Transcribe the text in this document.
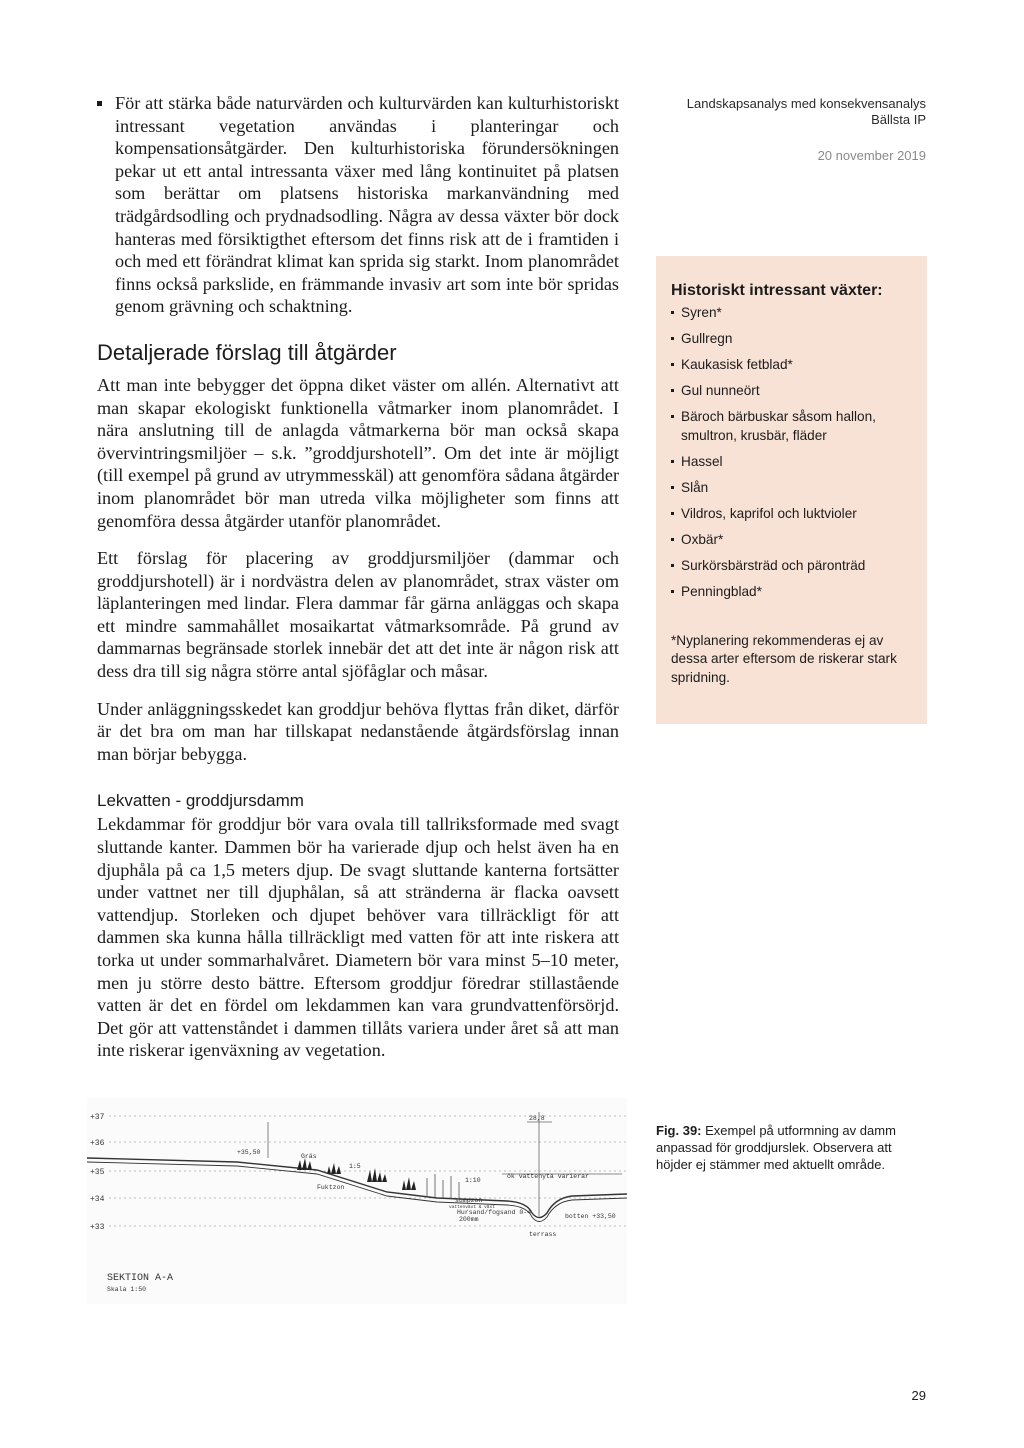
Landskapsanalys med konsekvensanalys
Bällsta IP
20 november 2019

För att stärka både naturvärden och kulturvärden kan kulturhistoriskt intressant vegetation användas i planteringar och kompensationsåtgärder. Den kulturhistoriska förundersökningen pekar ut ett antal intressanta växer med lång kontinuitet på platsen som berättar om platsens historiska markanvändning med trädgårdsodling och prydnadsodling. Några av dessa växter bör dock hanteras med försiktigthet eftersom det finns risk att de i framtiden i och med ett förändrat klimat kan sprida sig starkt. Inom planområdet finns också parkslide, en främmande invasiv art som inte bör spridas genom grävning och schaktning.

Detaljerade förslag till åtgärder

Att man inte bebygger det öppna diket väster om allén. Alternativt att man skapar ekologiskt funktionella våtmarker inom planområdet. I nära anslutning till de anlagda våtmarkerna bör man också skapa övervintringsmiljöer – s.k. ”groddjurshotell”. Om det inte är möjligt (till exempel på grund av utrymmesskäl) att genomföra sådana åtgärder inom planområdet bör man utreda vilka möjligheter som finns att genomföra dessa åtgärder utanför planområdet.

Ett förslag för placering av groddjursmiljöer (dammar och groddjurshotell) är i nordvästra delen av planområdet, strax väster om läplanteringen med lindar. Flera dammar får gärna anläggas och skapa ett mindre sammahållet mosaikartat våtmarksområde. På grund av dammarnas begränsade storlek innebär det att det inte är någon risk att dess dra till sig några större antal sjöfåglar och måsar.

Under anläggningsskedet kan groddjur behöva flyttas från diket, därför är det bra om man har tillskapat nedanstående åtgärdsförslag innan man börjar bebygga.

Lekvatten - groddjursdamm

Lekdammar för groddjur bör vara ovala till tallriksformade med svagt sluttande kanter. Dammen bör ha varierade djup och helst även ha en djuphåla på ca 1,5 meters djup. De svagt sluttande kanterna fortsätter under vattnet ner till djuphålan, så att stränderna är flacka oavsett vattendjup. Storleken och djupet behöver vara tillräckligt för att dammen ska kunna hålla tillräckligt med vatten för att inte riskera att torka ut under sommarhalvåret. Diametern bör vara minst 5–10 meter, men ju större desto bättre. Eftersom groddjur föredrar stillastående vatten är det en fördel om lekdammen kan vara grundvattenförsörjd. Det gör att vattenståndet i dammen tillåts variera under året så att man inte riskerar igenväxning av vegetation.

Historiskt intressant växter:
Syren*
Gullregn
Kaukasisk fetblad*
Gul nunneört
Bäroch bärbuskar såsom hallon, smultron, krusbär, fläder
Hassel
Slån
Vildros, kaprifol och luktvioler
Oxbär*
Surkörsbärsträd och päronträd
Penningblad*
*Nyplanering rekommenderas ej av dessa arter eftersom de riskerar stark spridning.
+37
+36
+35
+34
+33
28,8
+35,50
Gräs
1:5
Fuktzon
1:10
ök vattenyta varierar
sumpzon
vattenväxt & växt
Hursand/fogsand 0-4
200mm	botten +33,50
terrass
SEKTION A-A
Skala 1:50
Fig. 39: Exempel på utformning av damm anpassad för groddjurslek. Observera att höjder ej stämmer med aktuellt område.
29
